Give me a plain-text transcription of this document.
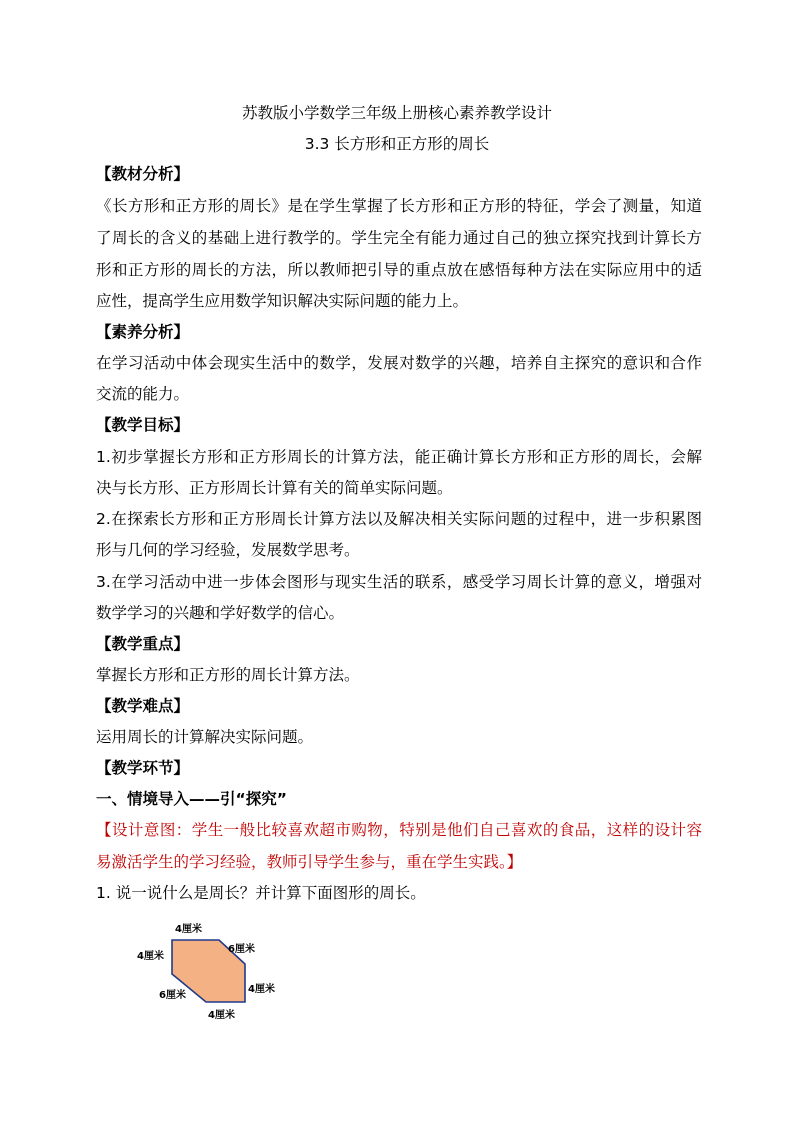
苏教版小学数学三年级上册核心素养教学设计
3.3 长方形和正方形的周长
【教材分析】
《长方形和正方形的周长》是在学生掌握了长方形和正方形的特征，学会了测量，知道
了周长的含义的基础上进行教学的。学生完全有能力通过自己的独立探究找到计算长方
形和正方形的周长的方法，所以教师把引导的重点放在感悟每种方法在实际应用中的适
应性，提高学生应用数学知识解决实际问题的能力上。
【素养分析】
在学习活动中体会现实生活中的数学，发展对数学的兴趣，培养自主探究的意识和合作
交流的能力。
【教学目标】
1.初步掌握长方形和正方形周长的计算方法，能正确计算长方形和正方形的周长，会解
决与长方形、正方形周长计算有关的简单实际问题。
2.在探索长方形和正方形周长计算方法以及解决相关实际问题的过程中，进一步积累图
形与几何的学习经验，发展数学思考。
3.在学习活动中进一步体会图形与现实生活的联系，感受学习周长计算的意义，增强对
数学学习的兴趣和学好数学的信心。
【教学重点】
掌握长方形和正方形的周长计算方法。
【教学难点】
运用周长的计算解决实际问题。
【教学环节】
一、情境导入——引“探究”
【设计意图：学生一般比较喜欢超市购物，特别是他们自己喜欢的食品，这样的设计容
易激活学生的学习经验，教师引导学生参与，重在学生实践。】
1. 说一说什么是周长？并计算下面图形的周长。
4厘米
6厘米
4厘米
4厘米
6厘米
4厘米
